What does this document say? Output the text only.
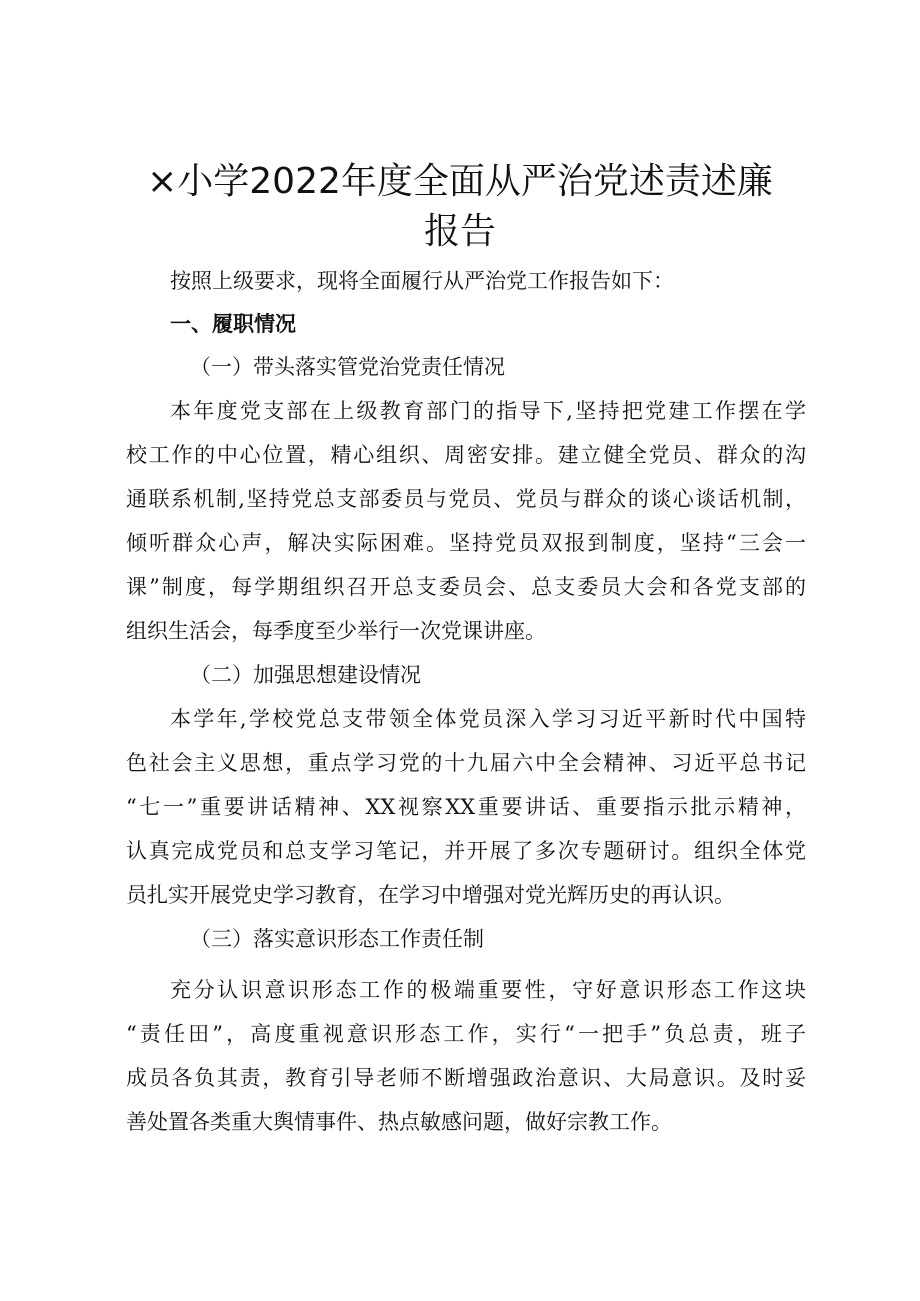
×小学2022年度全面从严治党述责述廉
报告

按照上级要求，现将全面履行从严治党工作报告如下：

一、履职情况

（一）带头落实管党治党责任情况

本年度党支部在上级教育部门的指导下,坚持把党建工作摆在学

校工作的中心位置，精心组织、周密安排。建立健全党员、群众的沟

通联系机制,坚持党总支部委员与党员、党员与群众的谈心谈话机制，

倾听群众心声，解决实际困难。坚持党员双报到制度，坚持“三会一

课”制度，每学期组织召开总支委员会、总支委员大会和各党支部的

组织生活会，每季度至少举行一次党课讲座。

（二）加强思想建设情况

本学年,学校党总支带领全体党员深入学习习近平新时代中国特

色社会主义思想，重点学习党的十九届六中全会精神、习近平总书记

“七一”重要讲话精神、XX视察XX重要讲话、重要指示批示精神，

认真完成党员和总支学习笔记，并开展了多次专题研讨。组织全体党

员扎实开展党史学习教育，在学习中增强对党光辉历史的再认识。

（三）落实意识形态工作责任制

充分认识意识形态工作的极端重要性，守好意识形态工作这块

“责任田”，高度重视意识形态工作，实行“一把手”负总责，班子

成员各负其责，教育引导老师不断增强政治意识、大局意识。及时妥

善处置各类重大舆情事件、热点敏感问题，做好宗教工作。
